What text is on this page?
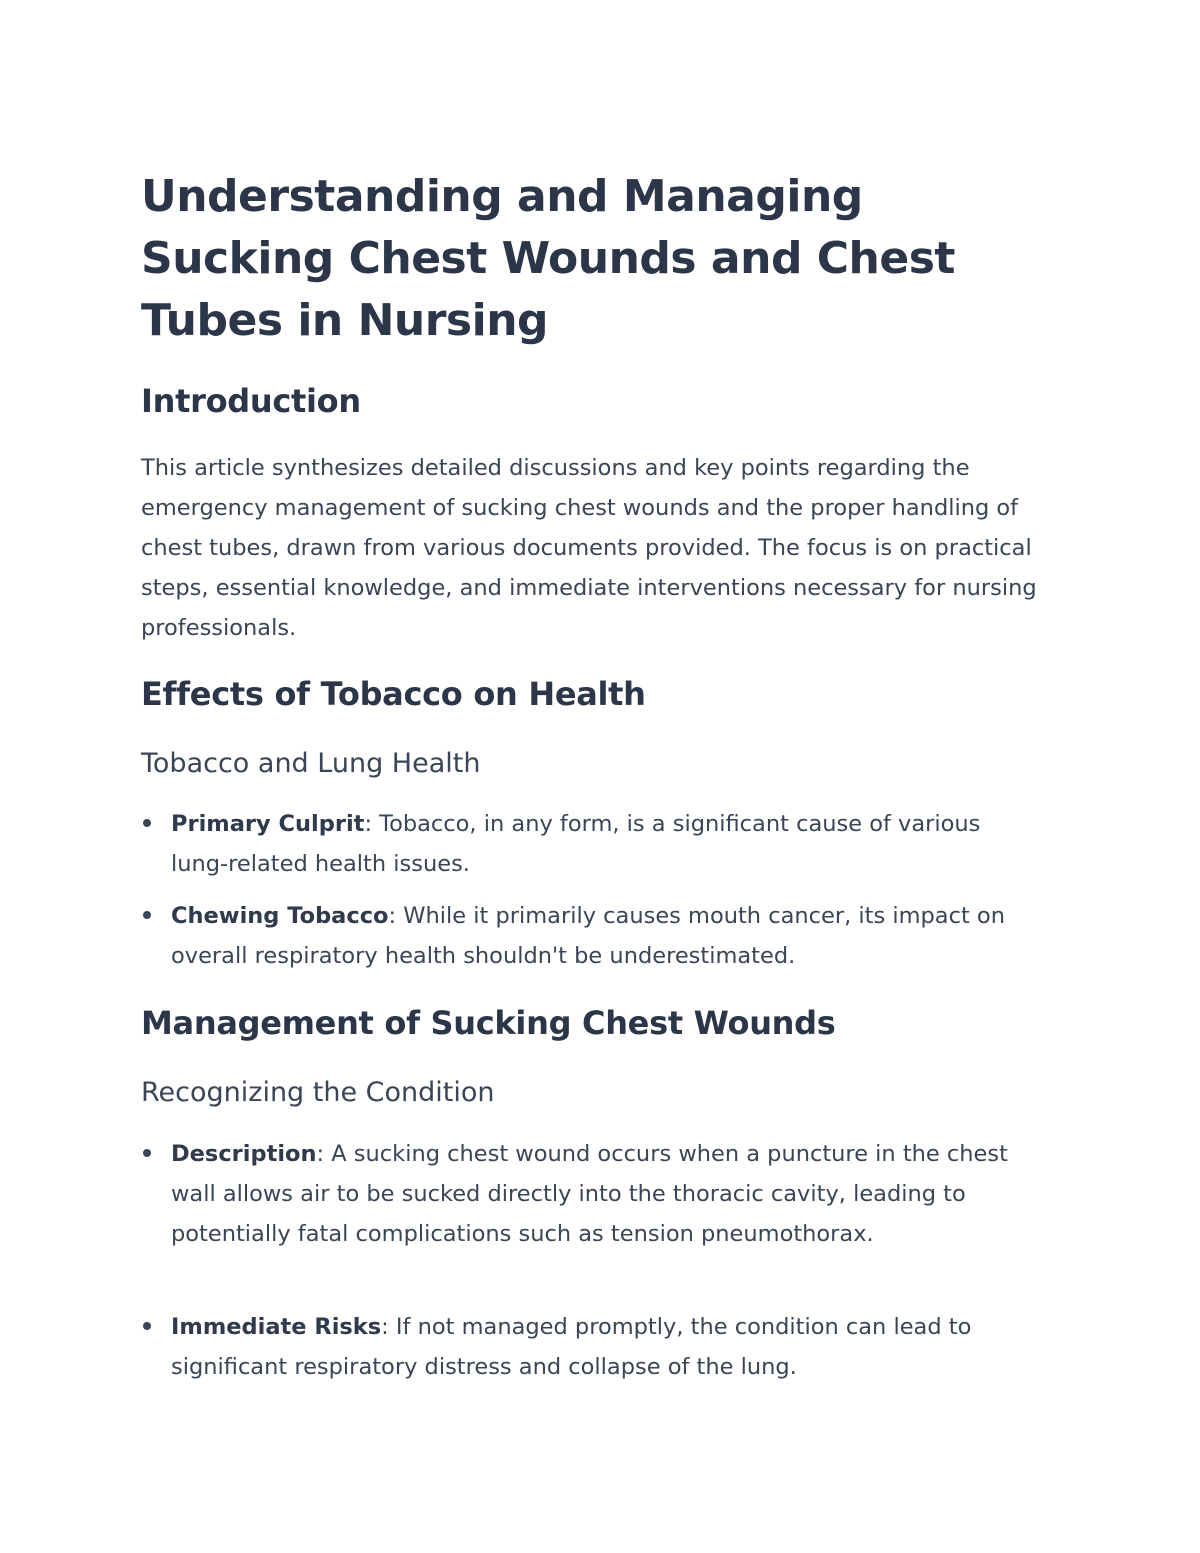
Understanding and Managing Sucking Chest Wounds and Chest Tubes in Nursing
Introduction

This article synthesizes detailed discussions and key points regarding the emergency management of sucking chest wounds and the proper handling of chest tubes, drawn from various documents provided. The focus is on practical steps, essential knowledge, and immediate interventions necessary for nursing professionals.

Effects of Tobacco on Health
Tobacco and Lung Health
Primary Culprit: Tobacco, in any form, is a significant cause of various lung-related health issues.
Chewing Tobacco: While it primarily causes mouth cancer, its impact on overall respiratory health shouldn't be underestimated.
Management of Sucking Chest Wounds
Recognizing the Condition
Description: A sucking chest wound occurs when a puncture in the chest wall allows air to be sucked directly into the thoracic cavity, leading to potentially fatal complications such as tension pneumothorax.
Immediate Risks: If not managed promptly, the condition can lead to significant respiratory distress and collapse of the lung.
